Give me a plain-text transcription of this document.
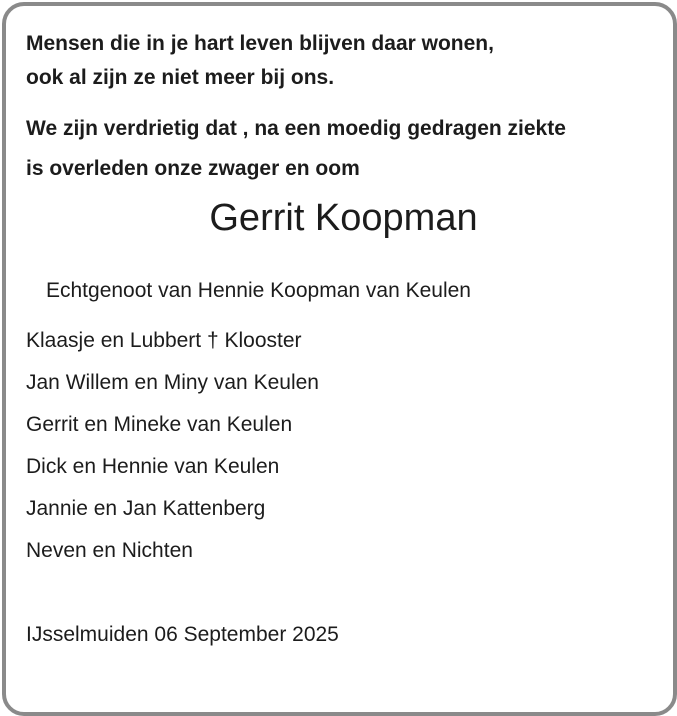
Mensen die in je hart leven blijven daar wonen,
ook al zijn ze niet meer bij ons.
We zijn verdrietig dat , na een moedig gedragen ziekte
is overleden onze zwager en oom
Gerrit Koopman
Echtgenoot van Hennie Koopman van Keulen
Klaasje en Lubbert † Klooster
Jan Willem en Miny van Keulen
Gerrit en Mineke van Keulen
Dick en Hennie van Keulen
Jannie en Jan Kattenberg
Neven en Nichten
IJsselmuiden 06 September 2025
